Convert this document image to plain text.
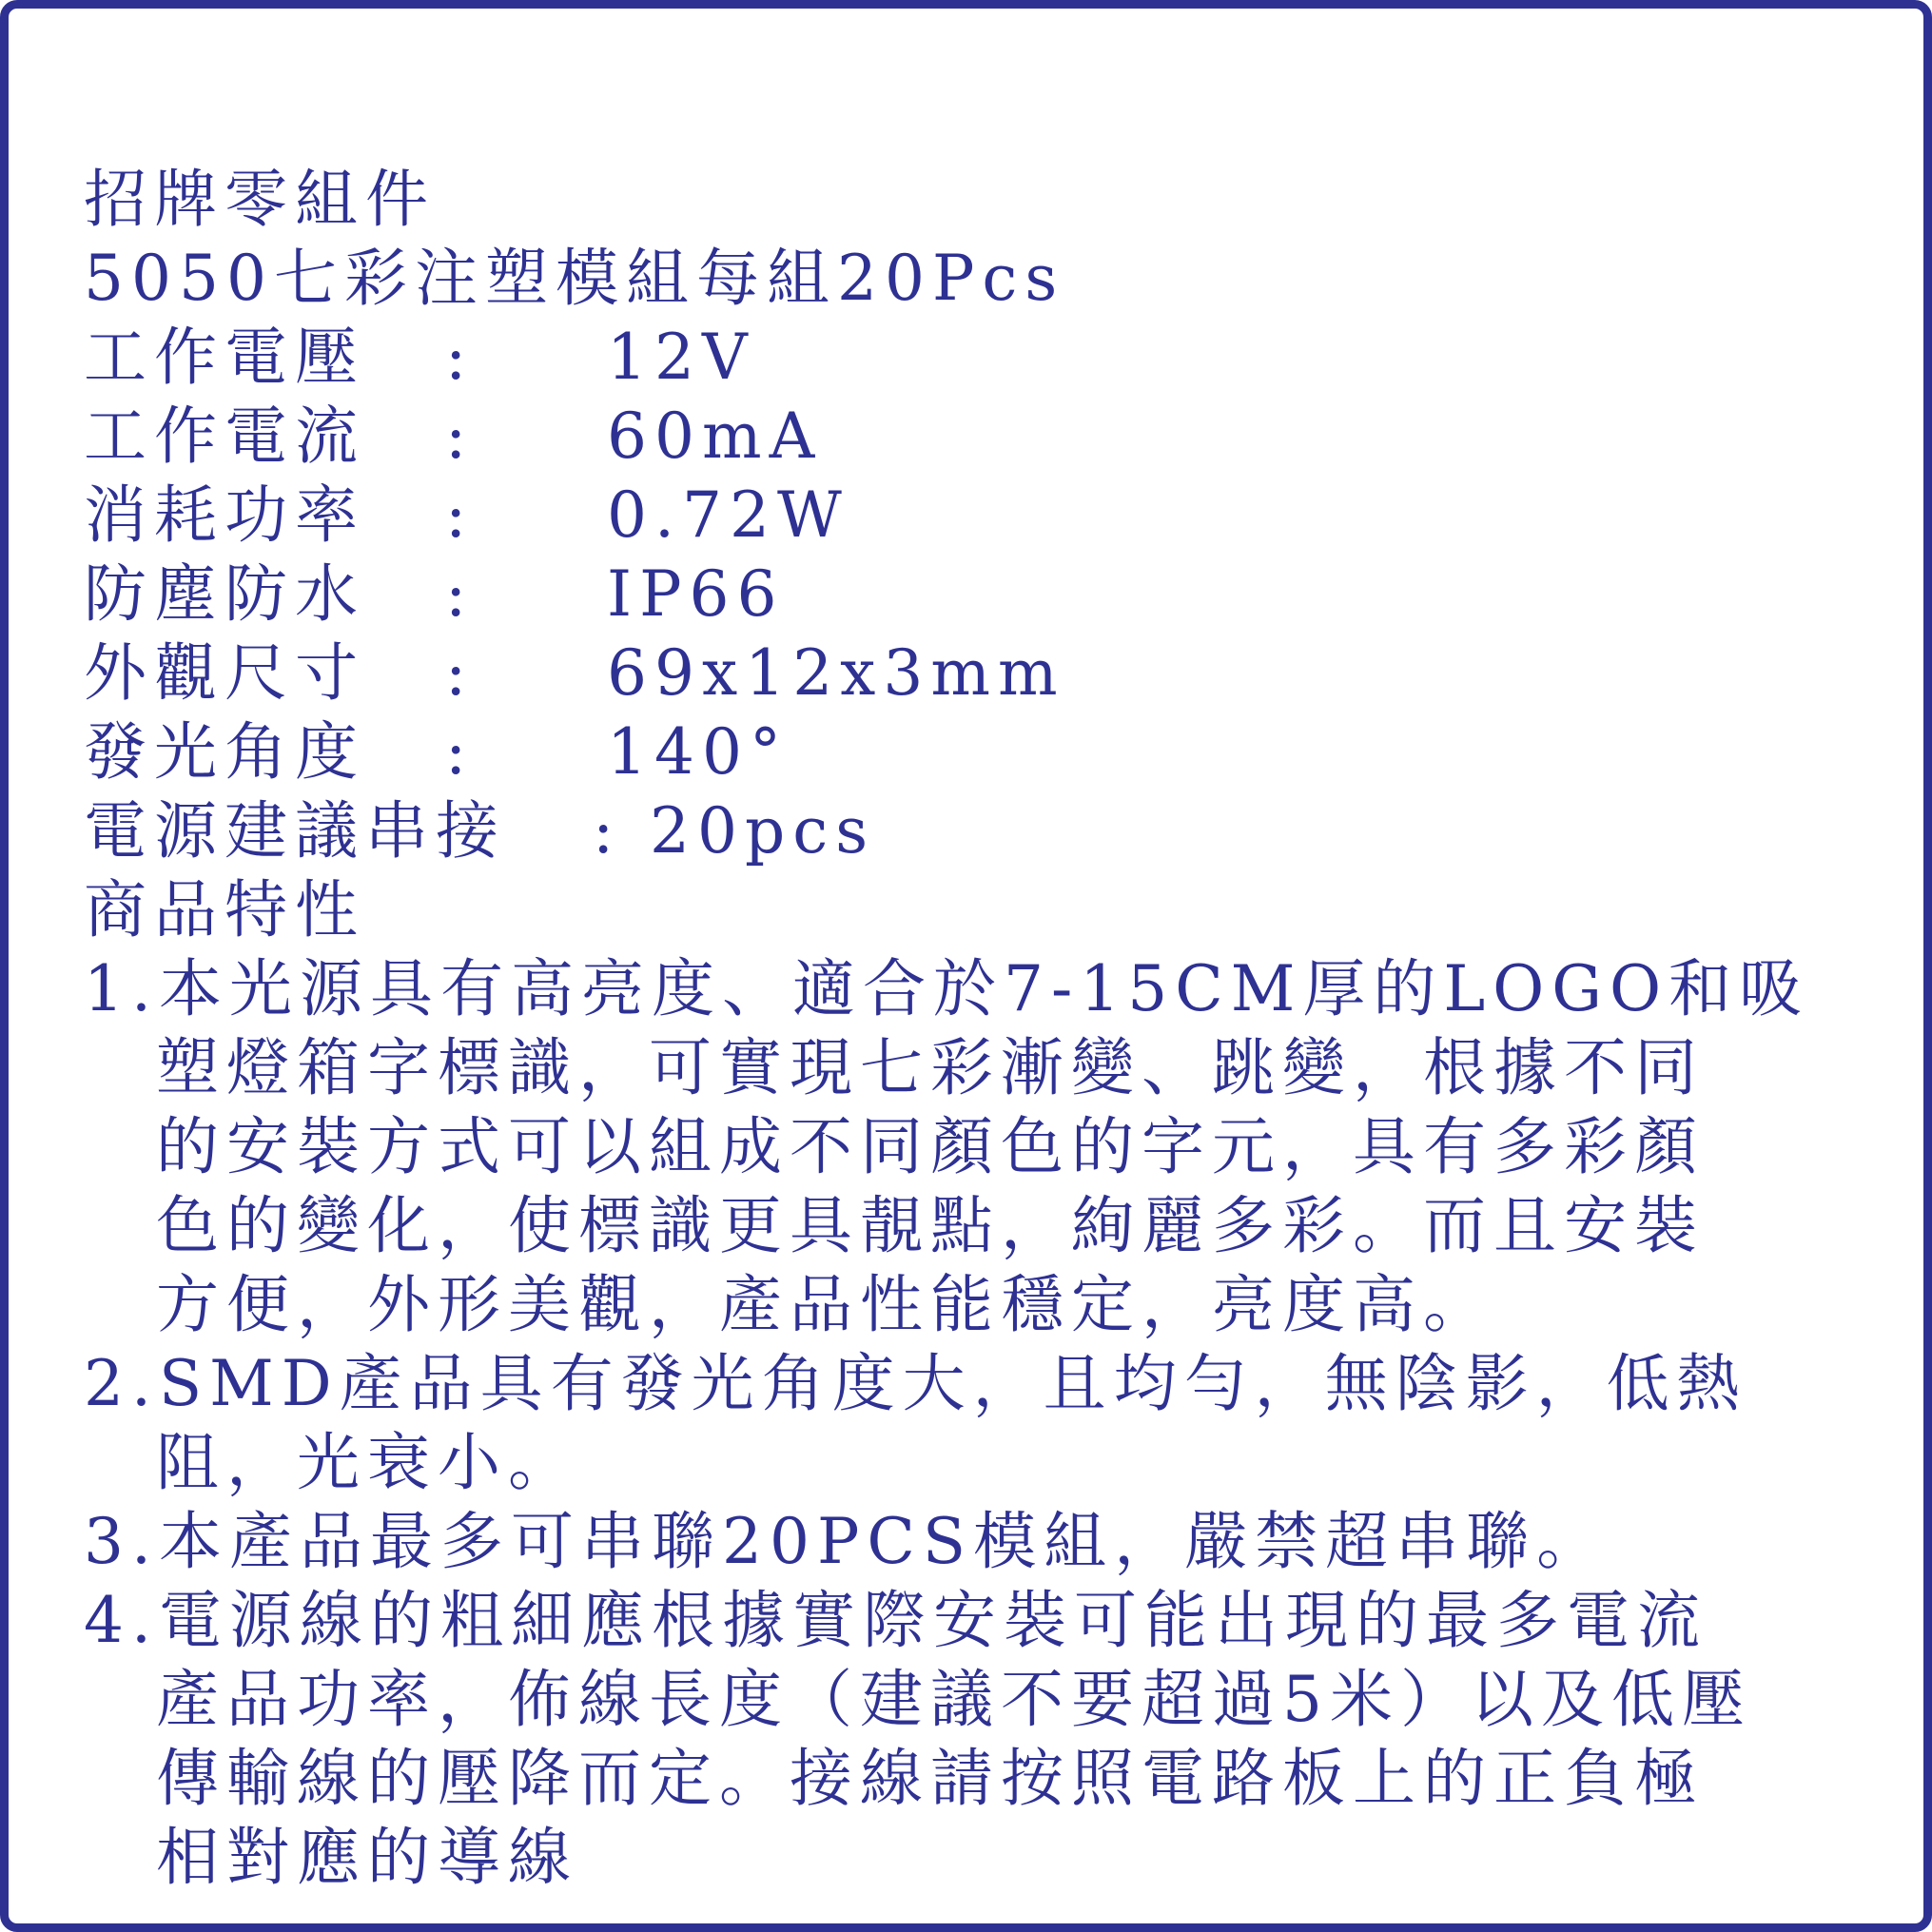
招牌零組件
5050七彩注塑模組每組20Pcs
工作電壓	:	12V
工作電流	:	60mA
消耗功率	:	0.72W
防塵防水	:	IP66
外觀尺寸	:	69x12x3mm
發光角度	:	140°
電源建議串接	: 20pcs
商品特性
1.本光源具有高亮度、適合於7-15CM厚的LOGO和吸
塑燈箱字標識，可實現七彩漸變、跳變，根據不同
的安裝方式可以組成不同顏色的字元，具有多彩顏
色的變化，使標識更具靚點，絢麗多彩。而且安裝
方便，外形美觀，產品性能穩定，亮度高。
2.SMD產品具有發光角度大，且均勻，無陰影，低熱
阻，光衰小。
3.本產品最多可串聯20PCS模組，嚴禁超串聯。
4.電源線的粗細應根據實際安裝可能出現的最多電流
產品功率，佈線長度（建議不要超過5米）以及低壓
傳輸線的壓降而定。接線請按照電路板上的正負極
相對應的導線
